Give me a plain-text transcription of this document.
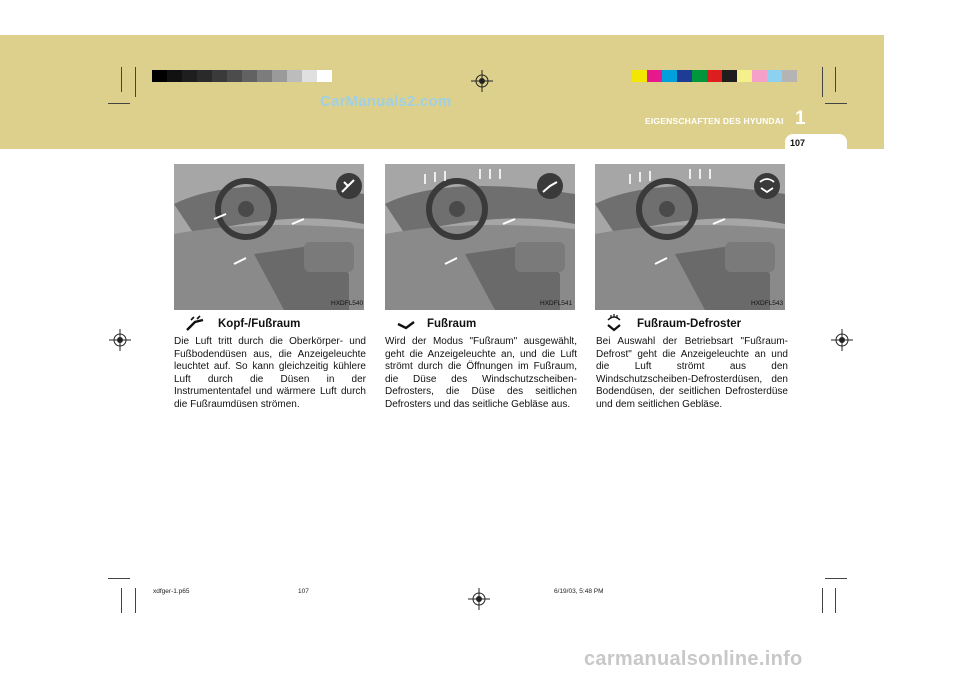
CarManuals2.com
EIGENSCHAFTEN DES HYUNDAI 1
107
HXDFL540
Kopf-/Fußraum
Die Luft tritt durch die Oberkörper- und Fußbodendüsen aus, die Anzeigeleuchte leuchtet auf. So kann gleichzeitig kühlere Luft durch die Düsen in der Instrumententafel und wärmere Luft durch die Fußraumdüsen strömen.
HXDFL541
Fußraum
Wird der Modus "Fußraum" ausgewählt, geht die Anzeigeleuchte an, und die Luft strömt durch die Öffnungen im Fußraum, die Düse des Windschutzscheiben-Defrosters, die Düse des seitlichen Defrosters und das seitliche Gebläse aus.
HXDFL543
Fußraum-Defroster
Bei Auswahl der Betriebsart "Fußraum-Defrost" geht die Anzeigeleuchte an und die Luft strömt aus den Windschutzscheiben-Defrosterdüsen, den Bodendüsen, der seitlichen Defrosterdüse und dem seitlichen Gebläse.
xdfger-1.p65	107	6/19/03, 5:48 PM
carmanualsonline.info
